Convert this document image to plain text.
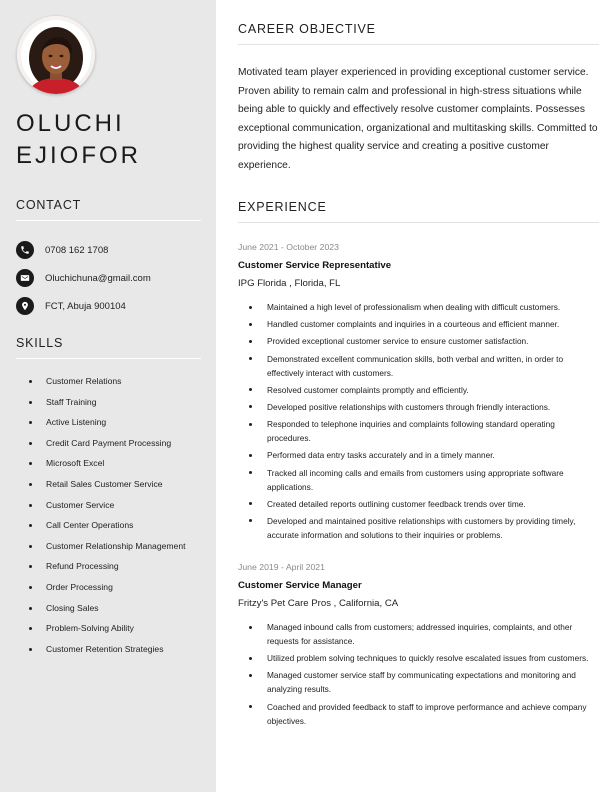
OLUCHI
EJIOFOR
CONTACT
0708 162 1708
Oluchichuna@gmail.com
FCT, Abuja 900104
SKILLS
Customer Relations
Staff Training
Active Listening
Credit Card Payment Processing
Microsoft Excel
Retail Sales Customer Service
Customer Service
Call Center Operations
Customer Relationship Management
Refund Processing
Order Processing
Closing Sales
Problem-Solving Ability
Customer Retention Strategies
CAREER OBJECTIVE

Motivated team player experienced in providing exceptional customer service. Proven ability to remain calm and professional in high-stress situations while being able to quickly and effectively resolve customer complaints. Possesses exceptional communication, organizational and multitasking skills. Committed to providing the highest quality service and creating a positive customer experience.

EXPERIENCE
June 2021 - October 2023
Customer Service Representative
IPG Florida , Florida, FL
Maintained a high level of professionalism when dealing with difficult customers.
Handled customer complaints and inquiries in a courteous and efficient manner.
Provided exceptional customer service to ensure customer satisfaction.
Demonstrated excellent communication skills, both verbal and written, in order to effectively interact with customers.
Resolved customer complaints promptly and efficiently.
Developed positive relationships with customers through friendly interactions.
Responded to telephone inquiries and complaints following standard operating procedures.
Performed data entry tasks accurately and in a timely manner.
Tracked all incoming calls and emails from customers using appropriate software applications.
Created detailed reports outlining customer feedback trends over time.
Developed and maintained positive relationships with customers by providing timely, accurate information and solutions to their inquiries or problems.
June 2019 - April 2021
Customer Service Manager
Fritzy's Pet Care Pros , California, CA
Managed inbound calls from customers; addressed inquiries, complaints, and other requests for assistance.
Utilized problem solving techniques to quickly resolve escalated issues from customers.
Managed customer service staff by communicating expectations and monitoring and analyzing results.
Coached and provided feedback to staff to improve performance and achieve company objectives.
